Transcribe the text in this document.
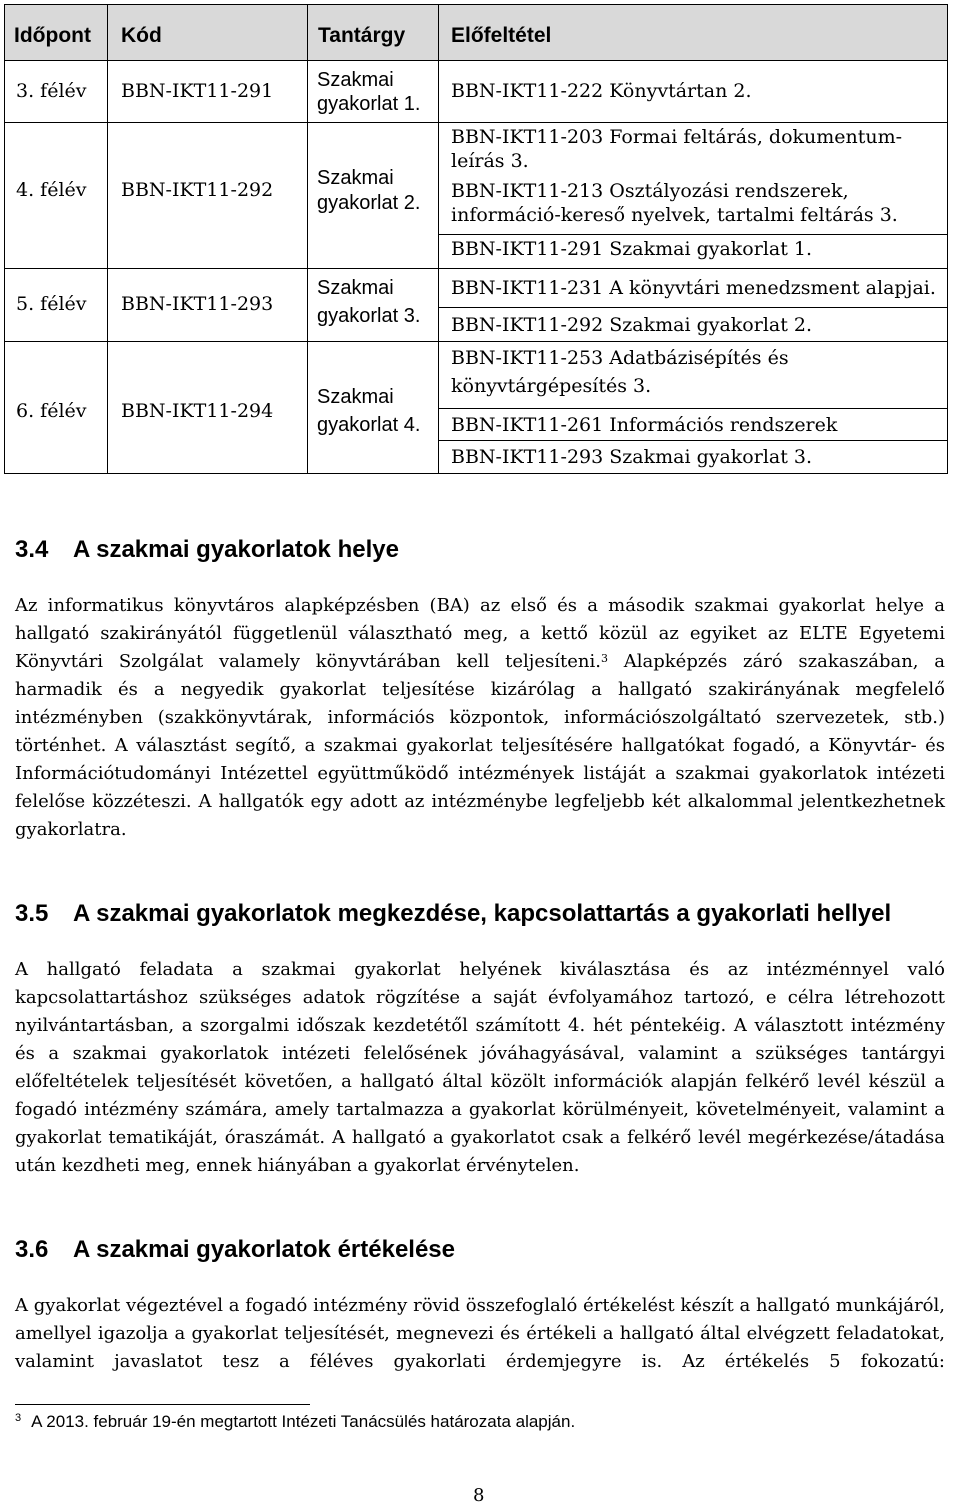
Időpont Kód	Tantárgy Előfeltétel
3. félév BBN-IKT11-291 Szakmai
gyakorlat 1.
BBN-IKT11-222 Könyvtártan 2.
4. félév BBN-IKT11-292
Szakmai
gyakorlat 2.
BBN-IKT11-203 Formai feltárás, dokumentum-
leírás 3.
BBN-IKT11-213 Osztályozási rendszerek,
információ-kereső nyelvek, tartalmi feltárás 3.
BBN-IKT11-291 Szakmai gyakorlat 1.
5. félév BBN-IKT11-293
Szakmai
gyakorlat 3.
BBN-IKT11-231 A könyvtári menedzsment alapjai.
BBN-IKT11-292 Szakmai gyakorlat 2.
6. félév BBN-IKT11-294
Szakmai
gyakorlat 4.
BBN-IKT11-253 Adatbázisépítés és
könyvtárgépesítés 3.
BBN-IKT11-261 Információs rendszerek
BBN-IKT11-293 Szakmai gyakorlat 3.
3.4 A szakmai gyakorlatok helye
Az informatikus könyvtáros alapképzésben (BA) az első és a második szakmai gyakorlat helye a hallgató szakirányától függetlenül választható meg, a kettő közül az egyiket az ELTE Egyetemi Könyvtári Szolgálat valamely könyvtárában kell teljesíteni.$^3$ Alapképzés záró szakaszában, a harmadik és a negyedik gyakorlat teljesítése kizárólag a hallgató szakirányának megfelelő intézményben (szakkönyvtárak, információs központok, információszolgáltató szervezetek, stb.) történhet. A választást segítő, a szakmai gyakorlat teljesítésére hallgatókat fogadó, a Könyvtár- és Információtudományi Intézettel együttműködő intézmények listáját a szakmai gyakorlatok intézeti felelőse közzéteszi. A hallgatók egy adott az intézménybe legfeljebb két alkalommal jelentkezhetnek gyakorlatra.
3.5 A szakmai gyakorlatok megkezdése, kapcsolattartás a gyakorlati hellyel
A hallgató feladata a szakmai gyakorlat helyének kiválasztása és az intézménnyel való kapcsolattartáshoz szükséges adatok rögzítése a saját évfolyamához tartozó, e célra létrehozott nyilvántartásban, a szorgalmi időszak kezdetétől számított 4. hét péntekéig. A választott intézmény és a szakmai gyakorlatok intézeti felelősének jóváhagyásával, valamint a szükséges tantárgyi előfeltételek teljesítését követően, a hallgató által közölt információk alapján felkérő levél készül a fogadó intézmény számára, amely tartalmazza a gyakorlat körülményeit, követelményeit, valamint a gyakorlat tematikáját, óraszámát. A hallgató a gyakorlatot csak a felkérő levél megérkezése/átadása után kezdheti meg, ennek hiányában a gyakorlat érvénytelen.
3.6 A szakmai gyakorlatok értékelése
A gyakorlat végeztével a fogadó intézmény rövid összefoglaló értékelést készít a hallgató munkájáról, amellyel igazolja a gyakorlat teljesítését, megnevezi és értékeli a hallgató által elvégzett feladatokat, valamint javaslatot tesz a féléves gyakorlati érdemjegyre is. Az értékelés 5 fokozatú:
$^3$ A 2013. február 19-én megtartott Intézeti Tanácsülés határozata alapján.
8
